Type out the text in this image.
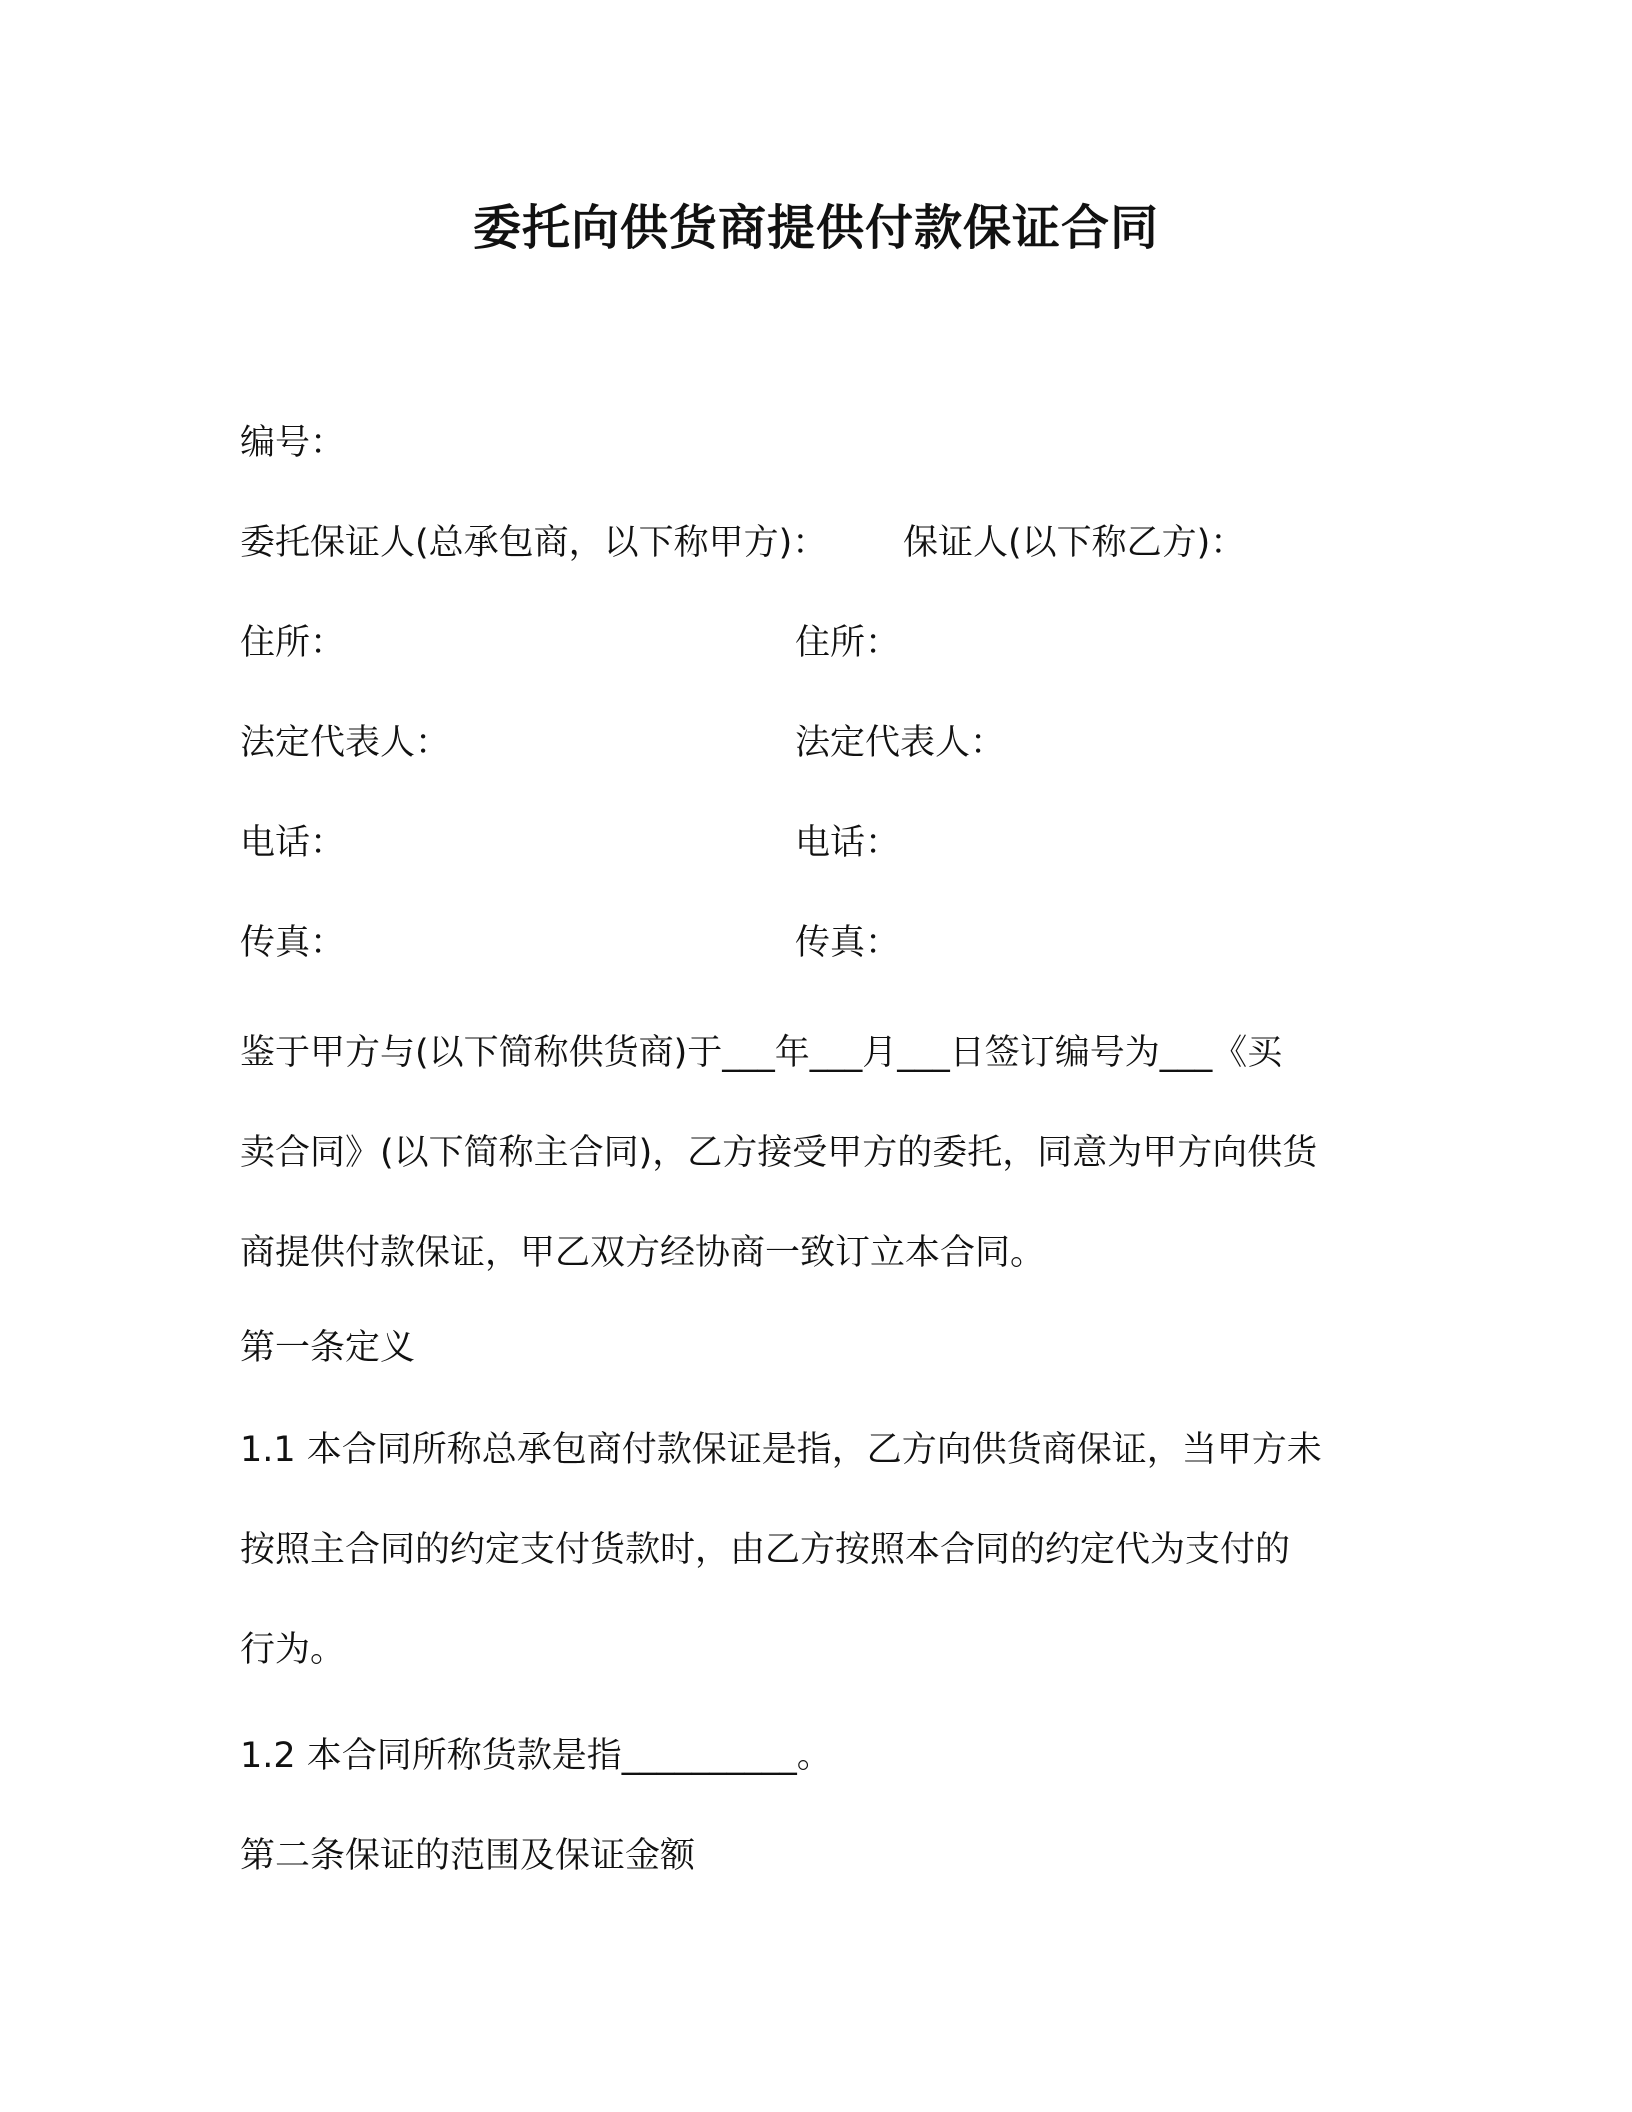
委托向供货商提供付款保证合同
编号：
委托保证人(总承包商，以下称甲方)： 保证人(以下称乙方)：
住所：	住所：
法定代表人：	法定代表人：
电话：	电话：
传真：	传真：
鉴于甲方与(以下简称供货商)于___年___月___日签订编号为___《买
卖合同》(以下简称主合同)，乙方接受甲方的委托，同意为甲方向供货
商提供付款保证，甲乙双方经协商一致订立本合同。
第一条定义
1.1 本合同所称总承包商付款保证是指，乙方向供货商保证，当甲方未
按照主合同的约定支付货款时，由乙方按照本合同的约定代为支付的
行为。
1.2 本合同所称货款是指__________。
第二条保证的范围及保证金额
